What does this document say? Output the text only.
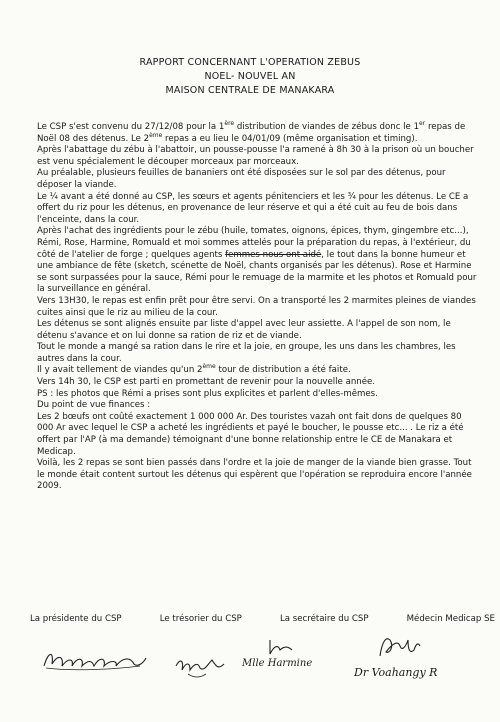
RAPPORT CONCERNANT L'OPERATION ZEBUS
NOEL- NOUVEL AN
MAISON CENTRALE DE MANAKARA

Le CSP s'est convenu du 27/12/08 pour la 1ère distribution de viandes de zébus donc le 1er repas de Noël 08 des détenus. Le 2ème repas a eu lieu le 04/01/09 (même organisation et timing).

Après l'abattage du zébu à l'abattoir, un pousse-pousse l'a ramené à 8h 30 à la prison où un boucher est venu spécialement le découper morceaux par morceaux.

Au préalable, plusieurs feuilles de bananiers ont été disposées sur le sol par des détenus, pour déposer la viande.

Le ¼ avant a été donné au CSP, les sœurs et agents pénitenciers et les ¾ pour les détenus. Le CE a offert du riz pour les détenus, en provenance de leur réserve et qui a été cuit au feu de bois dans l'enceinte, dans la cour.

Après l'achat des ingrédients pour le zébu (huile, tomates, oignons, épices, thym, gingembre etc...), Rémi, Rose, Harmine, Romuald et moi sommes attelés pour la préparation du repas, à l'extérieur, du côté de l'atelier de forge ; quelques agents femmes nous ont aidé, le tout dans la bonne humeur et une ambiance de fête (sketch, scénette de Noël, chants organisés par les détenus). Rose et Harmine se sont surpassées pour la sauce, Rémi pour le remuage de la marmite et les photos et Romuald pour la surveillance en général.

Vers 13H30, le repas est enfin prêt pour être servi. On a transporté les 2 marmites pleines de viandes cuites ainsi que le riz au milieu de la cour.

Les détenus se sont alignés ensuite par liste d'appel avec leur assiette. A l'appel de son nom, le détenu s'avance et on lui donne sa ration de riz et de viande.

Tout le monde a mangé sa ration dans le rire et la joie, en groupe, les uns dans les chambres, les autres dans la cour.

Il y avait tellement de viandes qu'un 2ème tour de distribution a été faite.

Vers 14h 30, le CSP est parti en promettant de revenir pour la nouvelle année.

PS : les photos que Rémi a prises sont plus explicites et parlent d'elles-mêmes.

Du point de vue finances :

Les 2 bœufs ont coûté exactement 1 000 000 Ar. Des touristes vazah ont fait dons de quelques 80 000 Ar avec lequel le CSP a acheté les ingrédients et payé le boucher, le pousse etc... . Le riz a été offert par l'AP (à ma demande) témoignant d'une bonne relationship entre le CE de Manakara et Medicap.

Voilà, les 2 repas se sont bien passés dans l'ordre et la joie de manger de la viande bien grasse. Tout le monde était content surtout les détenus qui espèrent que l'opération se reproduira encore l'année 2009.

La présidente du CSP	Le trésorier du CSP	La secrétaire du CSP	Médecin Medicap SE
Mlle Harmine
Dr Voahangy R
